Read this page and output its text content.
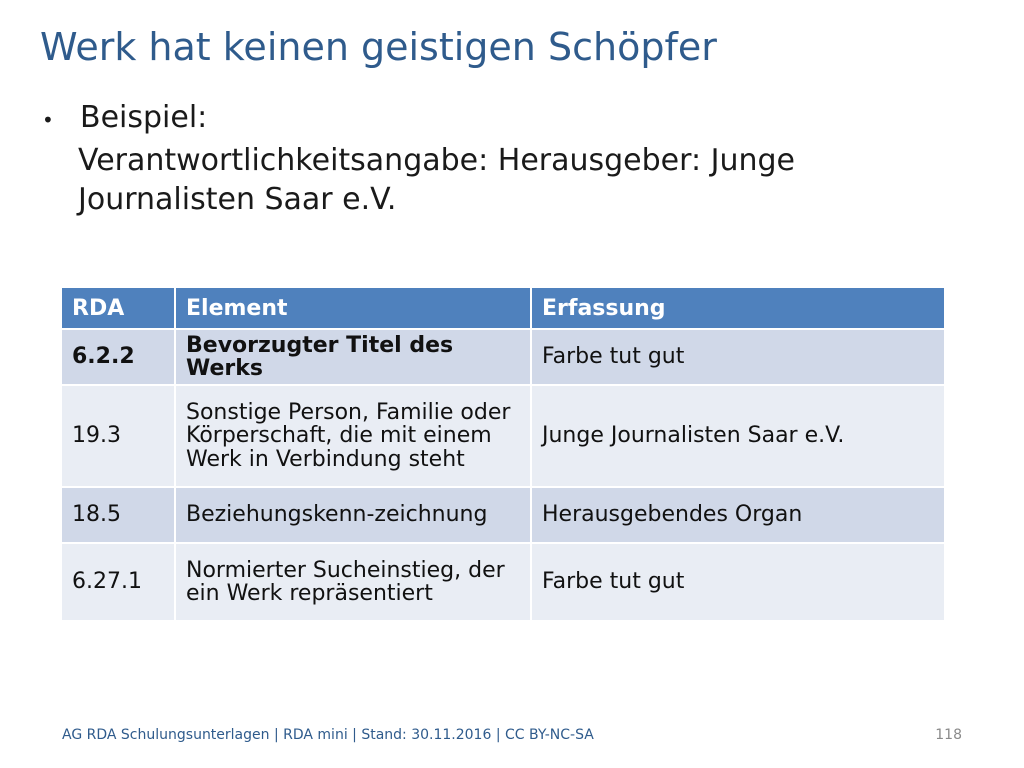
Werk hat keinen geistigen Schöpfer
• Beispiel:
Verantwortlichkeitsangabe: Herausgeber: Junge Journalisten Saar e.V.
RDA	Element	Erfassung
6.2.2	Bevorzugter Titel des Werks	Farbe tut gut
19.3	Sonstige Person, Familie oder Körperschaft, die mit einem Werk in Verbindung steht	Junge Journalisten Saar e.V.
18.5	Beziehungskenn-zeichnung	Herausgebendes Organ
6.27.1	Normierter Sucheinstieg, der ein Werk repräsentiert	Farbe tut gut
AG RDA Schulungsunterlagen | RDA mini | Stand: 30.11.2016 | CC BY-NC-SA	118
